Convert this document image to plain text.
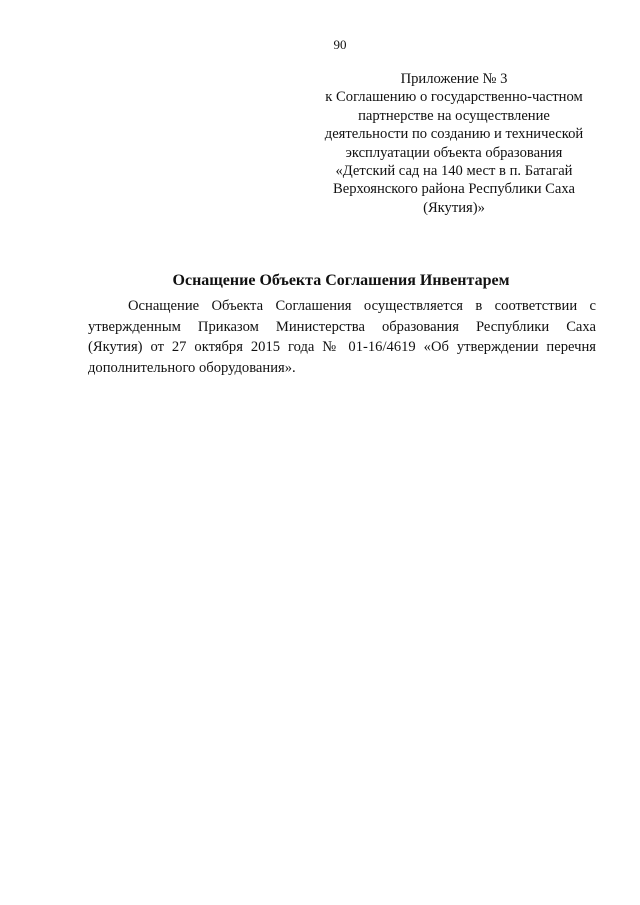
90
Приложение № 3
к Соглашению о государственно-частном
партнерстве на осуществление
деятельности по созданию и технической
эксплуатации объекта образования
«Детский сад на 140 мест в п. Батагай
Верхоянского района Республики Саха
(Якутия)»
Оснащение Объекта Соглашения Инвентарем
Оснащение Объекта Соглашения осуществляется в соответствии с
утвержденным Приказом Министерства образования Республики Саха
(Якутия) от 27 октября 2015 года № 01-16/4619 «Об утверждении перечня
дополнительного оборудования».
